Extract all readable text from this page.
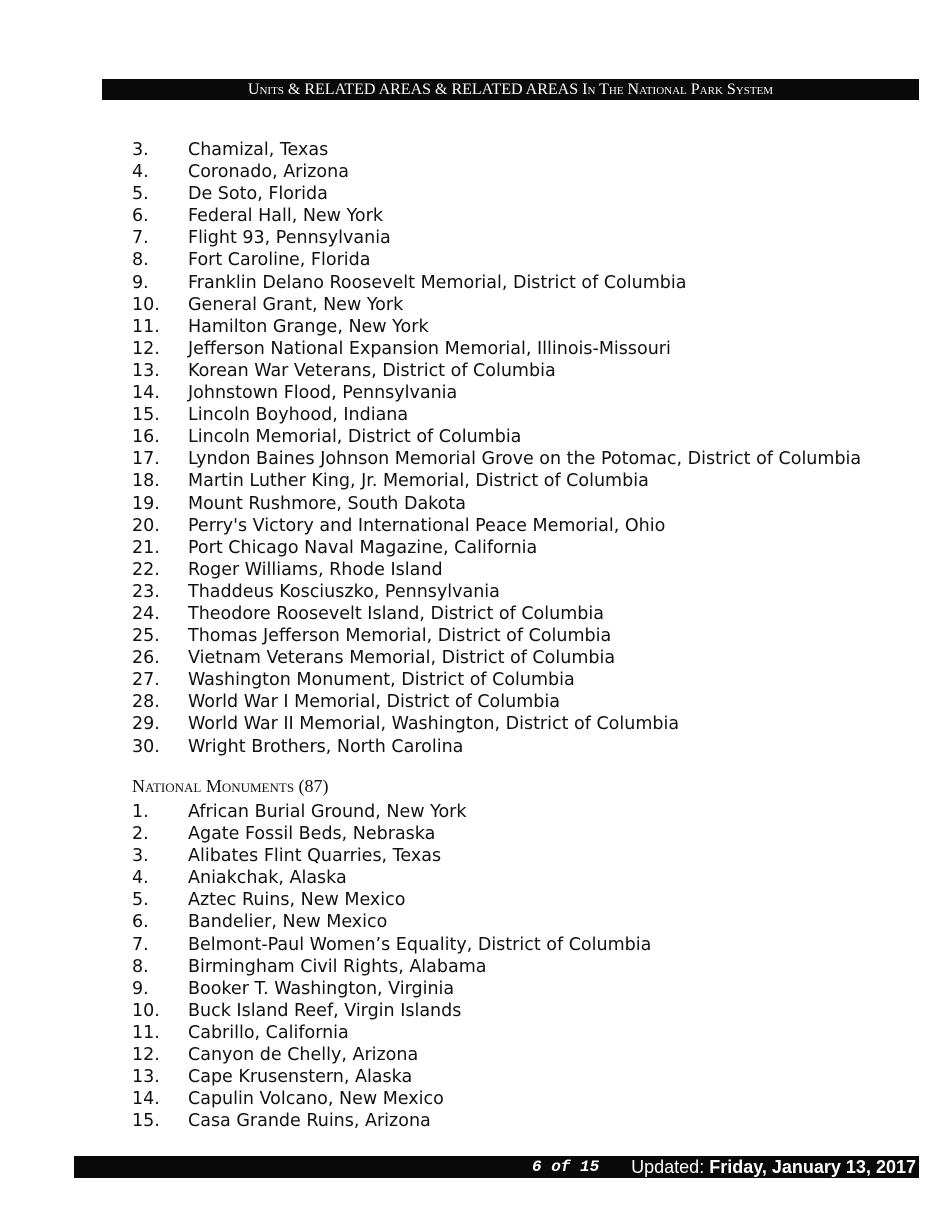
Units & RELATED AREAS & RELATED AREAS In The National Park System
3. Chamizal, Texas
4. Coronado, Arizona
5. De Soto, Florida
6. Federal Hall, New York
7. Flight 93, Pennsylvania
8. Fort Caroline, Florida
9. Franklin Delano Roosevelt Memorial, District of Columbia
10. General Grant, New York
11. Hamilton Grange, New York
12. Jefferson National Expansion Memorial, Illinois-Missouri
13. Korean War Veterans, District of Columbia
14. Johnstown Flood, Pennsylvania
15. Lincoln Boyhood, Indiana
16. Lincoln Memorial, District of Columbia
17. Lyndon Baines Johnson Memorial Grove on the Potomac, District of Columbia
18. Martin Luther King, Jr. Memorial, District of Columbia
19. Mount Rushmore, South Dakota
20. Perry's Victory and International Peace Memorial, Ohio
21. Port Chicago Naval Magazine, California
22. Roger Williams, Rhode Island
23. Thaddeus Kosciuszko, Pennsylvania
24. Theodore Roosevelt Island, District of Columbia
25. Thomas Jefferson Memorial, District of Columbia
26. Vietnam Veterans Memorial, District of Columbia
27. Washington Monument, District of Columbia
28. World War I Memorial, District of Columbia
29. World War II Memorial, Washington, District of Columbia
30. Wright Brothers, North Carolina
National Monuments (87)
1. African Burial Ground, New York
2. Agate Fossil Beds, Nebraska
3. Alibates Flint Quarries, Texas
4. Aniakchak, Alaska
5. Aztec Ruins, New Mexico
6. Bandelier, New Mexico
7. Belmont-Paul Women’s Equality, District of Columbia
8. Birmingham Civil Rights, Alabama
9. Booker T. Washington, Virginia
10. Buck Island Reef, Virgin Islands
11. Cabrillo, California
12. Canyon de Chelly, Arizona
13. Cape Krusenstern, Alaska
14. Capulin Volcano, New Mexico
15. Casa Grande Ruins, Arizona
6 of 15 Updated: Friday, January 13, 2017
